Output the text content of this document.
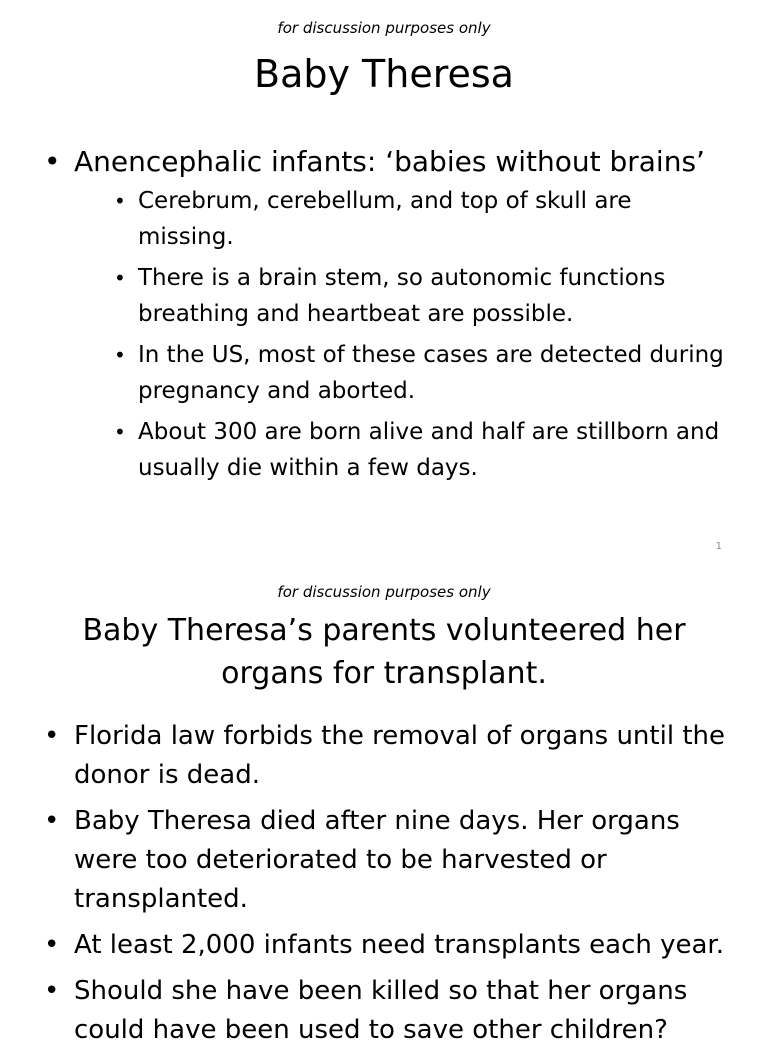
for discussion purposes only
Baby Theresa
• Anencephalic infants: ‘babies without brains’
• Cerebrum, cerebellum, and top of skull are missing.
• There is a brain stem, so autonomic functions breathing and heartbeat are possible.
• In the US, most of these cases are detected during pregnancy and aborted.
• About 300 are born alive and half are stillborn and usually die within a few days.
1
for discussion purposes only
Baby Theresa’s parents volunteered her organs for transplant.
• Florida law forbids the removal of organs until the donor is dead.
• Baby Theresa died after nine days. Her organs were too deteriorated to be harvested or transplanted.
• At least 2,000 infants need transplants each year.
• Should she have been killed so that her organs could have been used to save other children?
